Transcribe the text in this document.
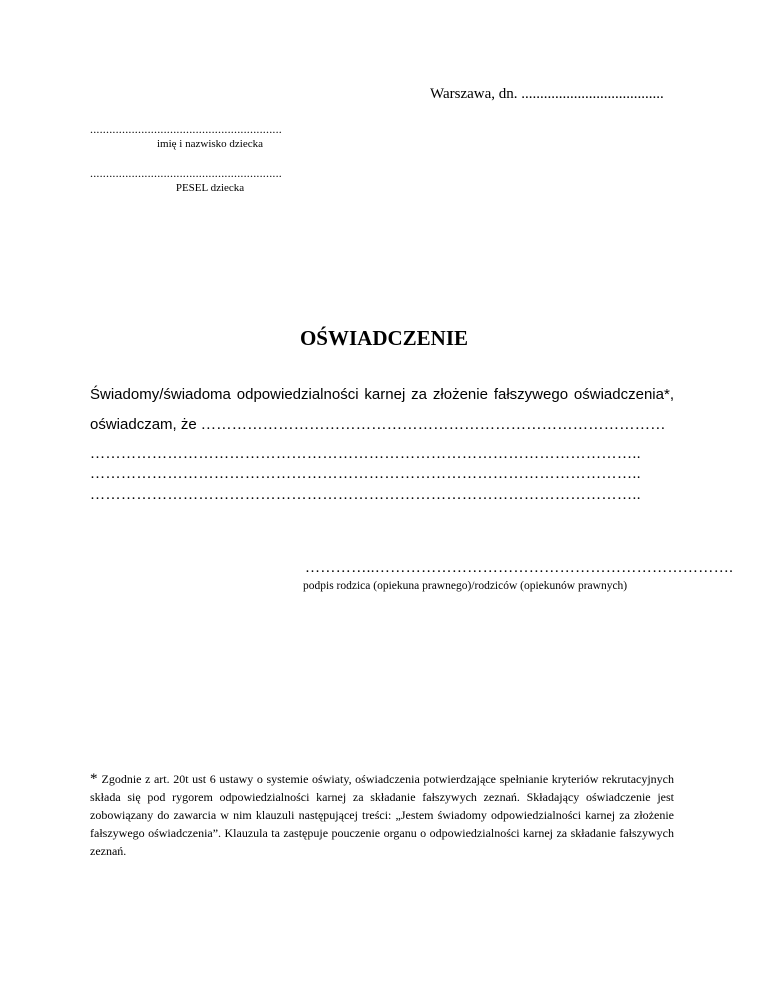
Warszawa, dn. ......................................
............................................................
imię i nazwisko dziecka
............................................................
PESEL dziecka
OŚWIADCZENIE
Świadomy/świadoma odpowiedzialności karnej za złożenie fałszywego oświadczenia*,
oświadczam, że ………………………………………………………………………………
……………………………………………………………………………………………..
……………………………………………………………………………………………..
……………………………………………………………………………………………..
…………..…………………………………………………………….
podpis rodzica (opiekuna prawnego)/rodziców (opiekunów prawnych)

* Zgodnie z art. 20t ust 6 ustawy o systemie oświaty, oświadczenia potwierdzające spełnianie kryteriów rekrutacyjnych składa się pod rygorem odpowiedzialności karnej za składanie fałszywych zeznań. Składający oświadczenie jest zobowiązany do zawarcia w nim klauzuli następującej treści: „Jestem świadomy odpowiedzialności karnej za złożenie fałszywego oświadczenia”. Klauzula ta zastępuje pouczenie organu o odpowiedzialności karnej za składanie fałszywych zeznań.
